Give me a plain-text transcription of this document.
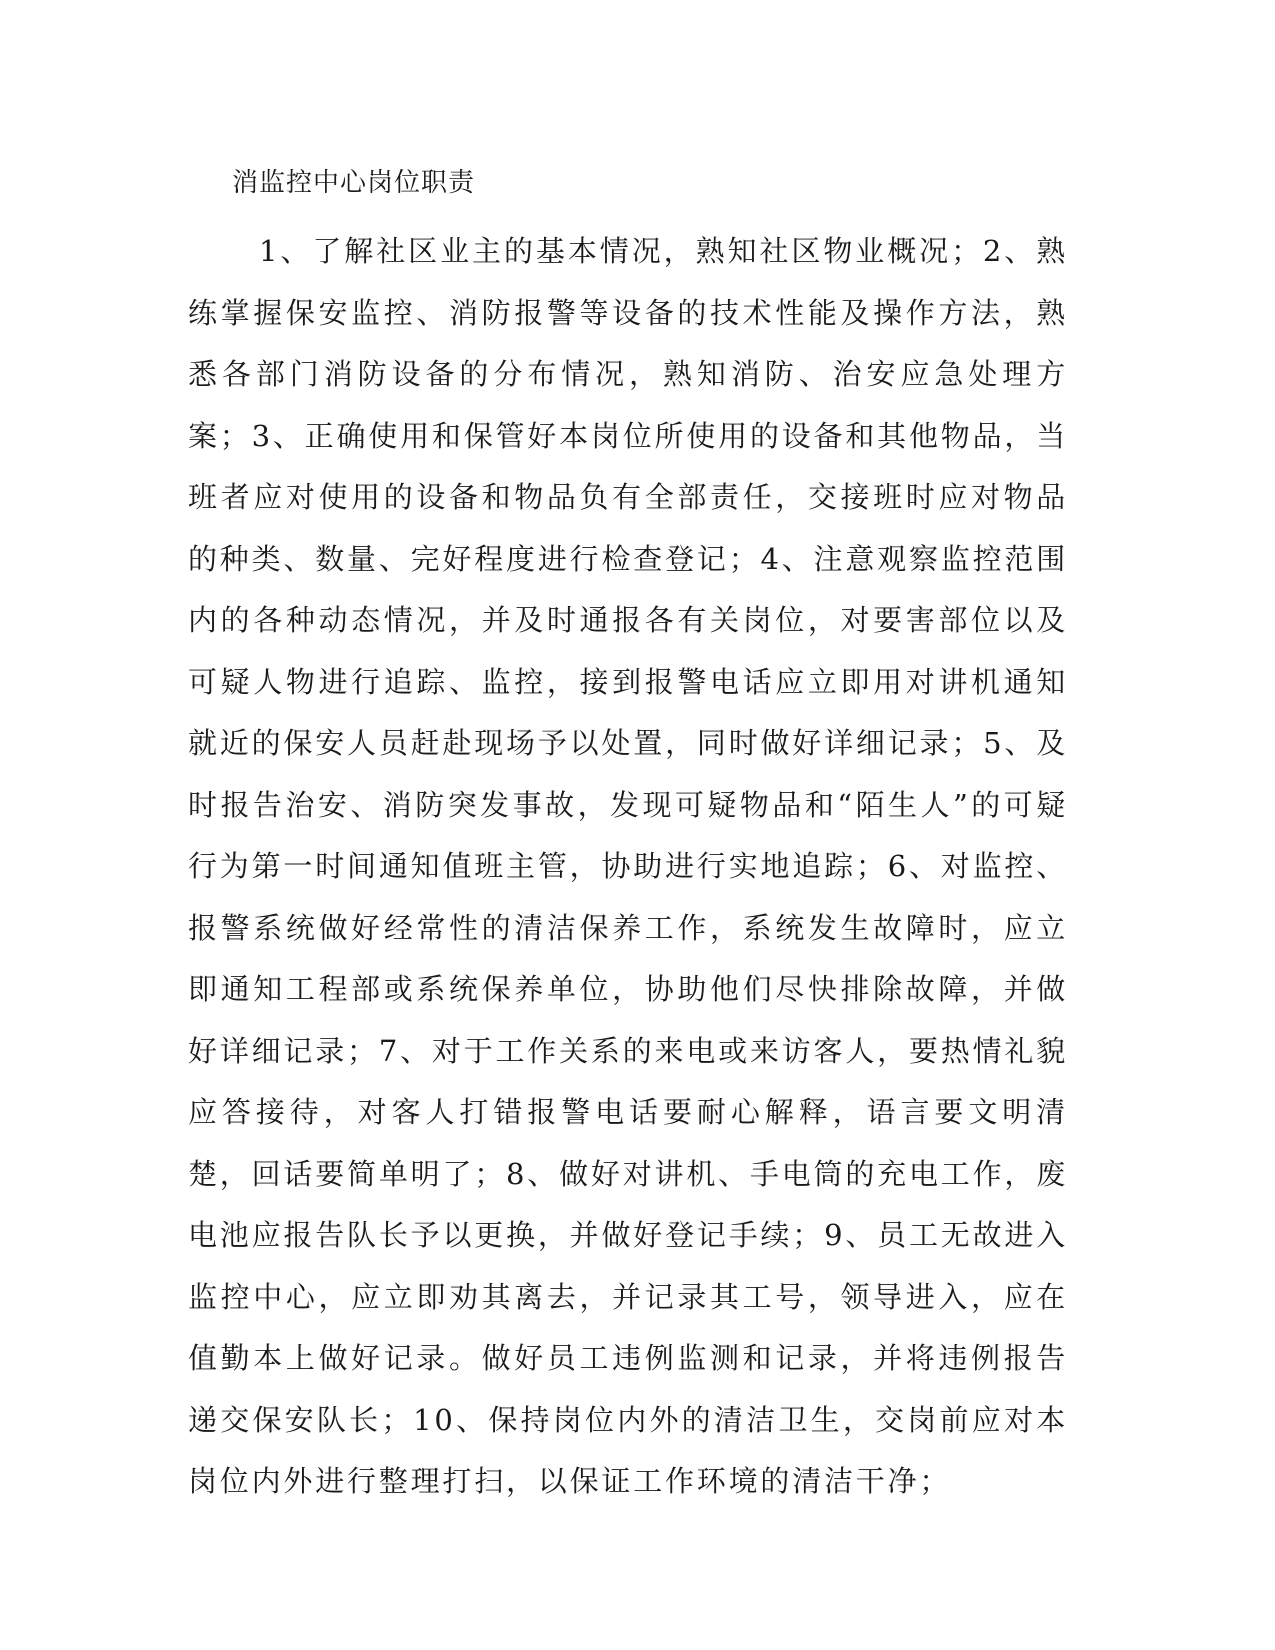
消监控中心岗位职责

1、了解社区业主的基本情况，熟知社区物业概况；2、熟练掌握保安监控、消防报警等设备的技术性能及操作方法，熟悉各部门消防设备的分布情况，熟知消防、治安应急处理方案；3、正确使用和保管好本岗位所使用的设备和其他物品，当班者应对使用的设备和物品负有全部责任，交接班时应对物品的种类、数量、完好程度进行检查登记；4、注意观察监控范围内的各种动态情况，并及时通报各有关岗位，对要害部位以及可疑人物进行追踪、监控，接到报警电话应立即用对讲机通知就近的保安人员赶赴现场予以处置，同时做好详细记录；5、及时报告治安、消防突发事故，发现可疑物品和“陌生人”的可疑行为第一时间通知值班主管，协助进行实地追踪；6、对监控、报警系统做好经常性的清洁保养工作，系统发生故障时，应立即通知工程部或系统保养单位，协助他们尽快排除故障，并做好详细记录；7、对于工作关系的来电或来访客人，要热情礼貌应答接待，对客人打错报警电话要耐心解释，语言要文明清楚，回话要简单明了；8、做好对讲机、手电筒的充电工作，废电池应报告队长予以更换，并做好登记手续；9、员工无故进入监控中心，应立即劝其离去，并记录其工号，领导进入，应在值勤本上做好记录。做好员工违例监测和记录，并将违例报告递交保安队长；10、保持岗位内外的清洁卫生，交岗前应对本岗位内外进行整理打扫，以保证工作环境的清洁干净；
